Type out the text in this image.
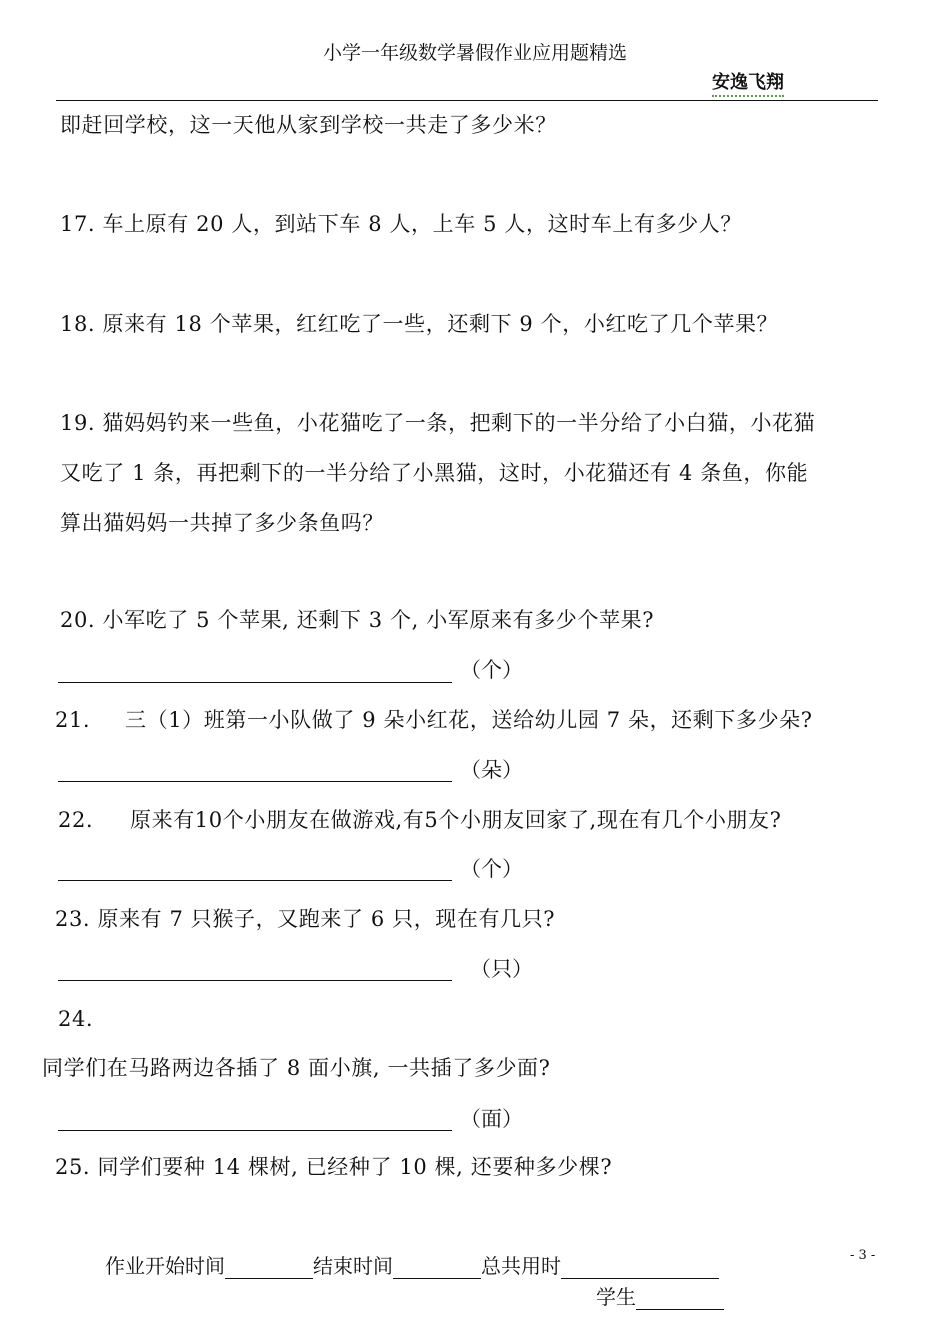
小学一年级数学暑假作业应用题精选
安逸飞翔
即赶回学校，这一天他从家到学校一共走了多少米？
17. 车上原有 20 人，到站下车 8 人，上车 5 人，这时车上有多少人？
18. 原来有 18 个苹果，红红吃了一些，还剩下 9 个，小红吃了几个苹果？
19. 猫妈妈钓来一些鱼，小花猫吃了一条，把剩下的一半分给了小白猫，小花猫
又吃了 1 条，再把剩下的一半分给了小黑猫，这时，小花猫还有 4 条鱼，你能
算出猫妈妈一共掉了多少条鱼吗？
20. 小军吃了 5 个苹果, 还剩下 3 个, 小军原来有多少个苹果?
（个）
21. 三（1）班第一小队做了 9 朵小红花，送给幼儿园 7 朵，还剩下多少朵?
（朵）
22. 原来有10个小朋友在做游戏,有5个小朋友回家了,现在有几个小朋友?
（个）
23. 原来有 7 只猴子，又跑来了 6 只，现在有几只?
（只）
24.
同学们在马路两边各插了 8 面小旗, 一共插了多少面?
（面）
25. 同学们要种 14 棵树, 已经种了 10 棵, 还要种多少棵?
作业开始时间	结束时间	总共用时
学生
- 3 -
